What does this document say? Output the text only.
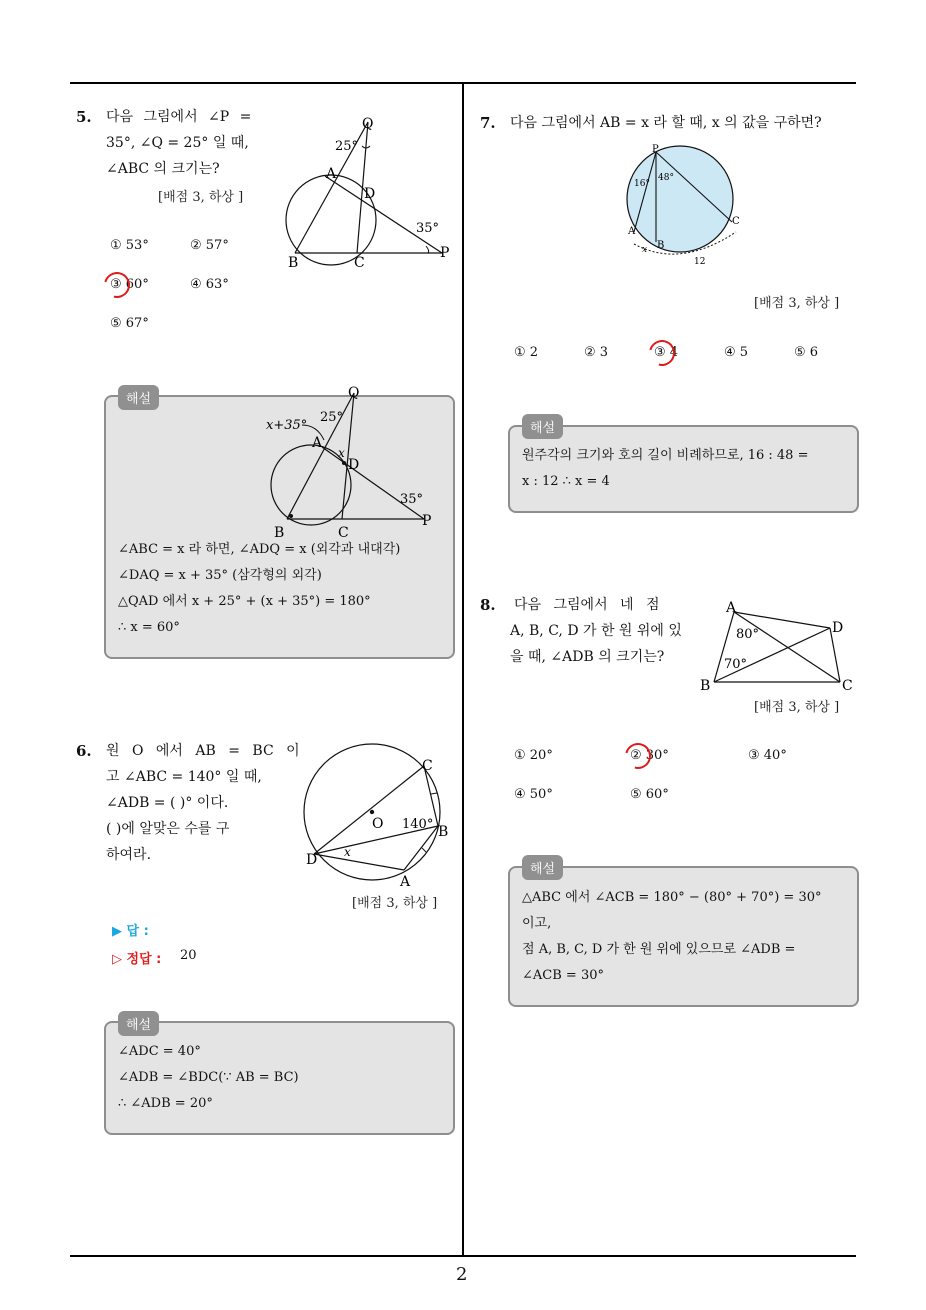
2
5. 다음 그림에서 ∠P =
35°, ∠Q = 25° 일 때,
∠ABC 의 크기는?
[배점 3, 하상 ]
Q
A
D
B	C
P
25°
35°
① 53°	② 57°
③ 60°	④ 63°
⑤ 67°
해설	Q
A
D
B	C
P
25°
35°
x+35°
x
∠ABC = x 라 하면, ∠ADQ = x (외각과 내대각)
∠DAQ = x + 35° (삼각형의 외각)
△QAD 에서 x + 25° + (x + 35°) = 180°
∴ x = 60°
6. 원 O 에서 AB = BC 이
고 ∠ABC = 140° 일 때,
∠ADB = ( )° 이다.
( )에 알맞은 수를 구
하여라.
C
O	B
D
A
140°
x
[배점 3, 하상 ]
▶ 답 :
▷ 정답 : 20
해설
∠ADC = 40°
∠ADB = ∠BDC(∵ AB = BC)
∴ ∠ADB = 20°
7. 다음 그림에서 AB = x 라 할 때, x 의 값을 구하면?
P
A
B
C
16°
48°
x
12
[배점 3, 하상 ]
① 2	② 3	③ 4	④ 5	⑤ 6
해설
원주각의 크기와 호의 길이 비례하므로, 16 : 48 =
x : 12 ∴ x = 4
8. 다음 그림에서 네 점
A, B, C, D 가 한 원 위에 있
을 때, ∠ADB 의 크기는?
A
D
B	C
80°
70°
[배점 3, 하상 ]
① 20°	② 30°	③ 40°
④ 50°	⑤ 60°
해설
△ABC 에서 ∠ACB = 180° − (80° + 70°) = 30°
이고,
점 A, B, C, D 가 한 원 위에 있으므로 ∠ADB =
∠ACB = 30°
